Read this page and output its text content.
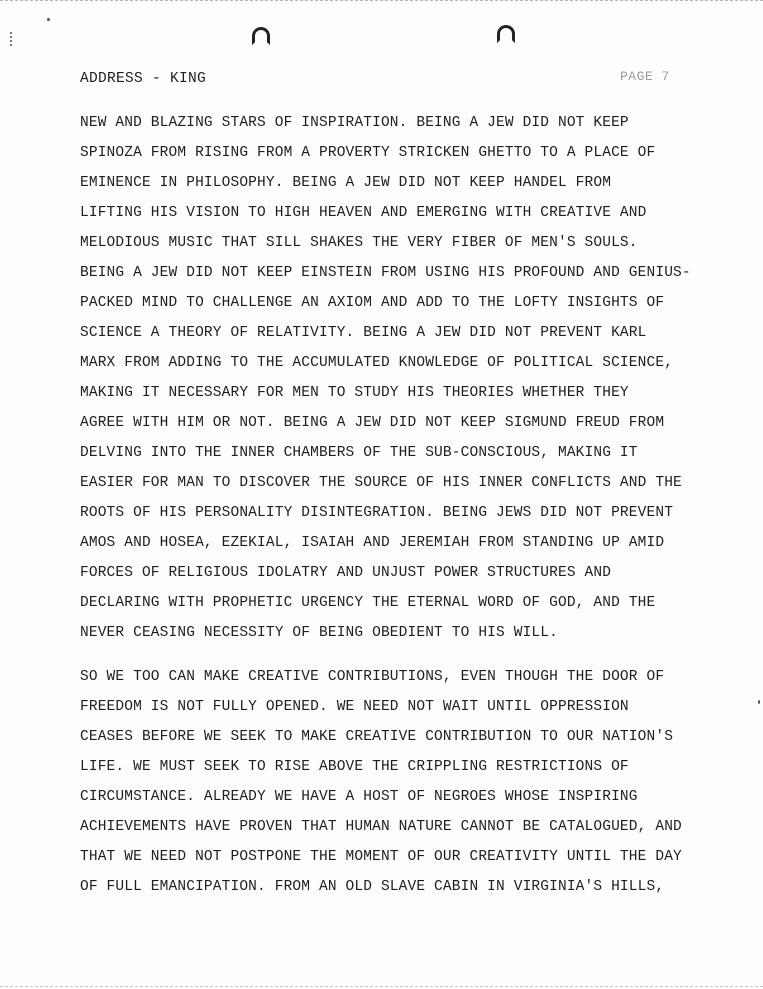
ADDRESS - KING	PAGE 7

NEW AND BLAZING STARS OF INSPIRATION. BEING A JEW DID NOT KEEP
SPINOZA FROM RISING FROM A PROVERTY STRICKEN GHETTO TO A PLACE OF
EMINENCE IN PHILOSOPHY. BEING A JEW DID NOT KEEP HANDEL FROM
LIFTING HIS VISION TO HIGH HEAVEN AND EMERGING WITH CREATIVE AND
MELODIOUS MUSIC THAT SILL SHAKES THE VERY FIBER OF MEN'S SOULS.
BEING A JEW DID NOT KEEP EINSTEIN FROM USING HIS PROFOUND AND GENIUS-
PACKED MIND TO CHALLENGE AN AXIOM AND ADD TO THE LOFTY INSIGHTS OF
SCIENCE A THEORY OF RELATIVITY. BEING A JEW DID NOT PREVENT KARL
MARX FROM ADDING TO THE ACCUMULATED KNOWLEDGE OF POLITICAL SCIENCE,
MAKING IT NECESSARY FOR MEN TO STUDY HIS THEORIES WHETHER THEY
AGREE WITH HIM OR NOT. BEING A JEW DID NOT KEEP SIGMUND FREUD FROM
DELVING INTO THE INNER CHAMBERS OF THE SUB-CONSCIOUS, MAKING IT
EASIER FOR MAN TO DISCOVER THE SOURCE OF HIS INNER CONFLICTS AND THE
ROOTS OF HIS PERSONALITY DISINTEGRATION. BEING JEWS DID NOT PREVENT
AMOS AND HOSEA, EZEKIAL, ISAIAH AND JEREMIAH FROM STANDING UP AMID
FORCES OF RELIGIOUS IDOLATRY AND UNJUST POWER STRUCTURES AND
DECLARING WITH PROPHETIC URGENCY THE ETERNAL WORD OF GOD, AND THE
NEVER CEASING NECESSITY OF BEING OBEDIENT TO HIS WILL.

SO WE TOO CAN MAKE CREATIVE CONTRIBUTIONS, EVEN THOUGH THE DOOR OF
FREEDOM IS NOT FULLY OPENED. WE NEED NOT WAIT UNTIL OPPRESSION
CEASES BEFORE WE SEEK TO MAKE CREATIVE CONTRIBUTION TO OUR NATION'S
LIFE. WE MUST SEEK TO RISE ABOVE THE CRIPPLING RESTRICTIONS OF
CIRCUMSTANCE. ALREADY WE HAVE A HOST OF NEGROES WHOSE INSPIRING
ACHIEVEMENTS HAVE PROVEN THAT HUMAN NATURE CANNOT BE CATALOGUED, AND
THAT WE NEED NOT POSTPONE THE MOMENT OF OUR CREATIVITY UNTIL THE DAY
OF FULL EMANCIPATION. FROM AN OLD SLAVE CABIN IN VIRGINIA'S HILLS,
